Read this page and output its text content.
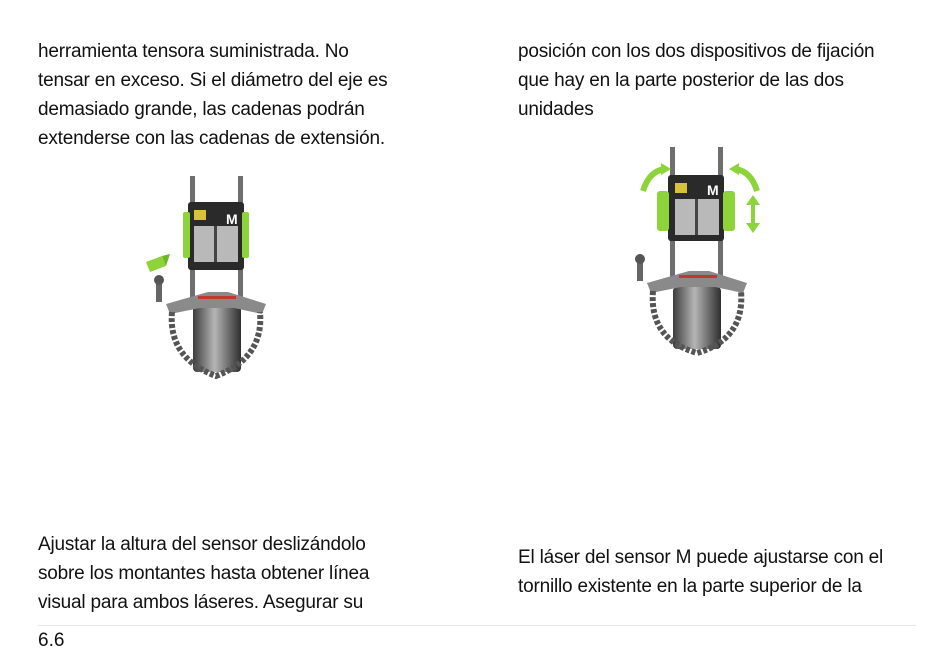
herramienta tensora suministrada. No
tensar en exceso. Si el diámetro del eje es
demasiado grande, las cadenas podrán
extenderse con las cadenas de extensión.
posición con los dos dispositivos de fijación
que hay en la parte posterior de las dos
unidades
M
M
Ajustar la altura del sensor deslizándolo
sobre los montantes hasta obtener línea
visual para ambos láseres. Asegurar su
El láser del sensor M puede ajustarse con el
tornillo existente en la parte superior de la
6.6
